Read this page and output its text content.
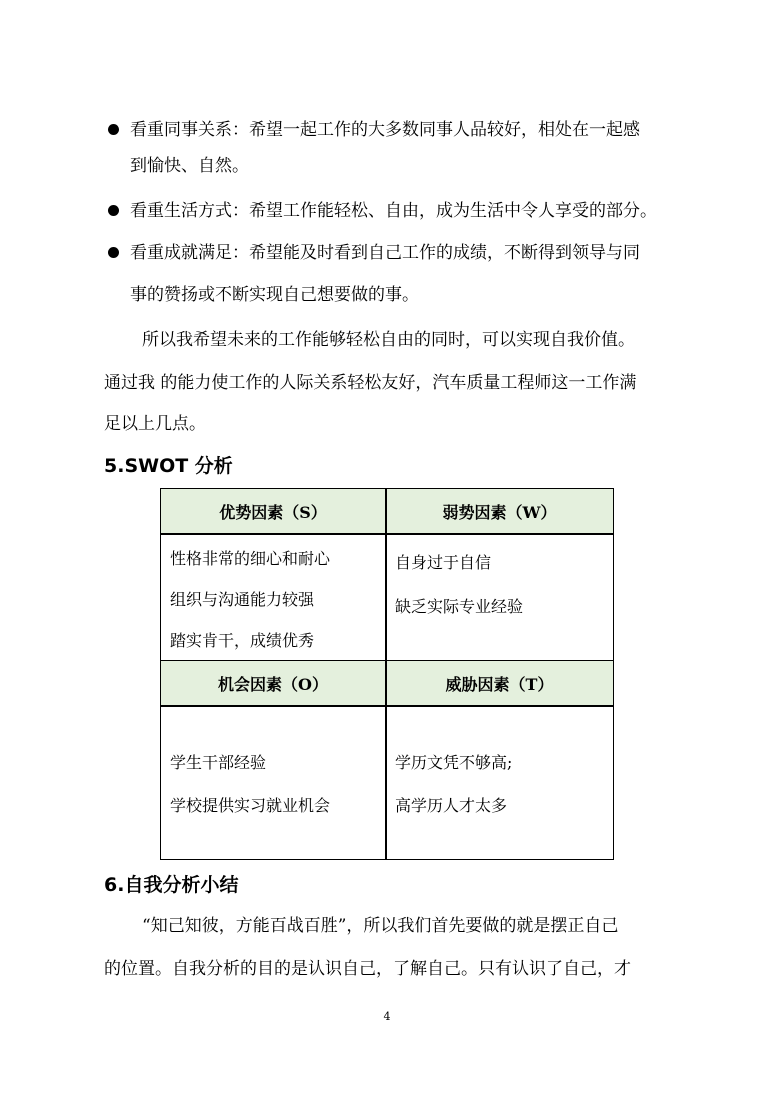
看重同事关系：希望一起工作的大多数同事人品较好，相处在一起感
到愉快、自然。
看重生活方式：希望工作能轻松、自由，成为生活中令人享受的部分。
看重成就满足：希望能及时看到自己工作的成绩，不断得到领导与同
事的赞扬或不断实现自己想要做的事。
所以我希望未来的工作能够轻松自由的同时，可以实现自我价值。
通过我 的能力使工作的人际关系轻松友好，汽车质量工程师这一工作满
足以上几点。
5.SWOT 分析
优势因素（S）	弱势因素（W）
性格非常的细心和耐心
组织与沟通能力较强
踏实肯干，成绩优秀
自身过于自信
缺乏实际专业经验
机会因素（O）	威胁因素（T）
学生干部经验
学校提供实习就业机会
学历文凭不够高;
高学历人才太多
6.自我分析小结
“知己知彼，方能百战百胜”，所以我们首先要做的就是摆正自己
的位置。自我分析的目的是认识自己，了解自己。只有认识了自己，才
4
